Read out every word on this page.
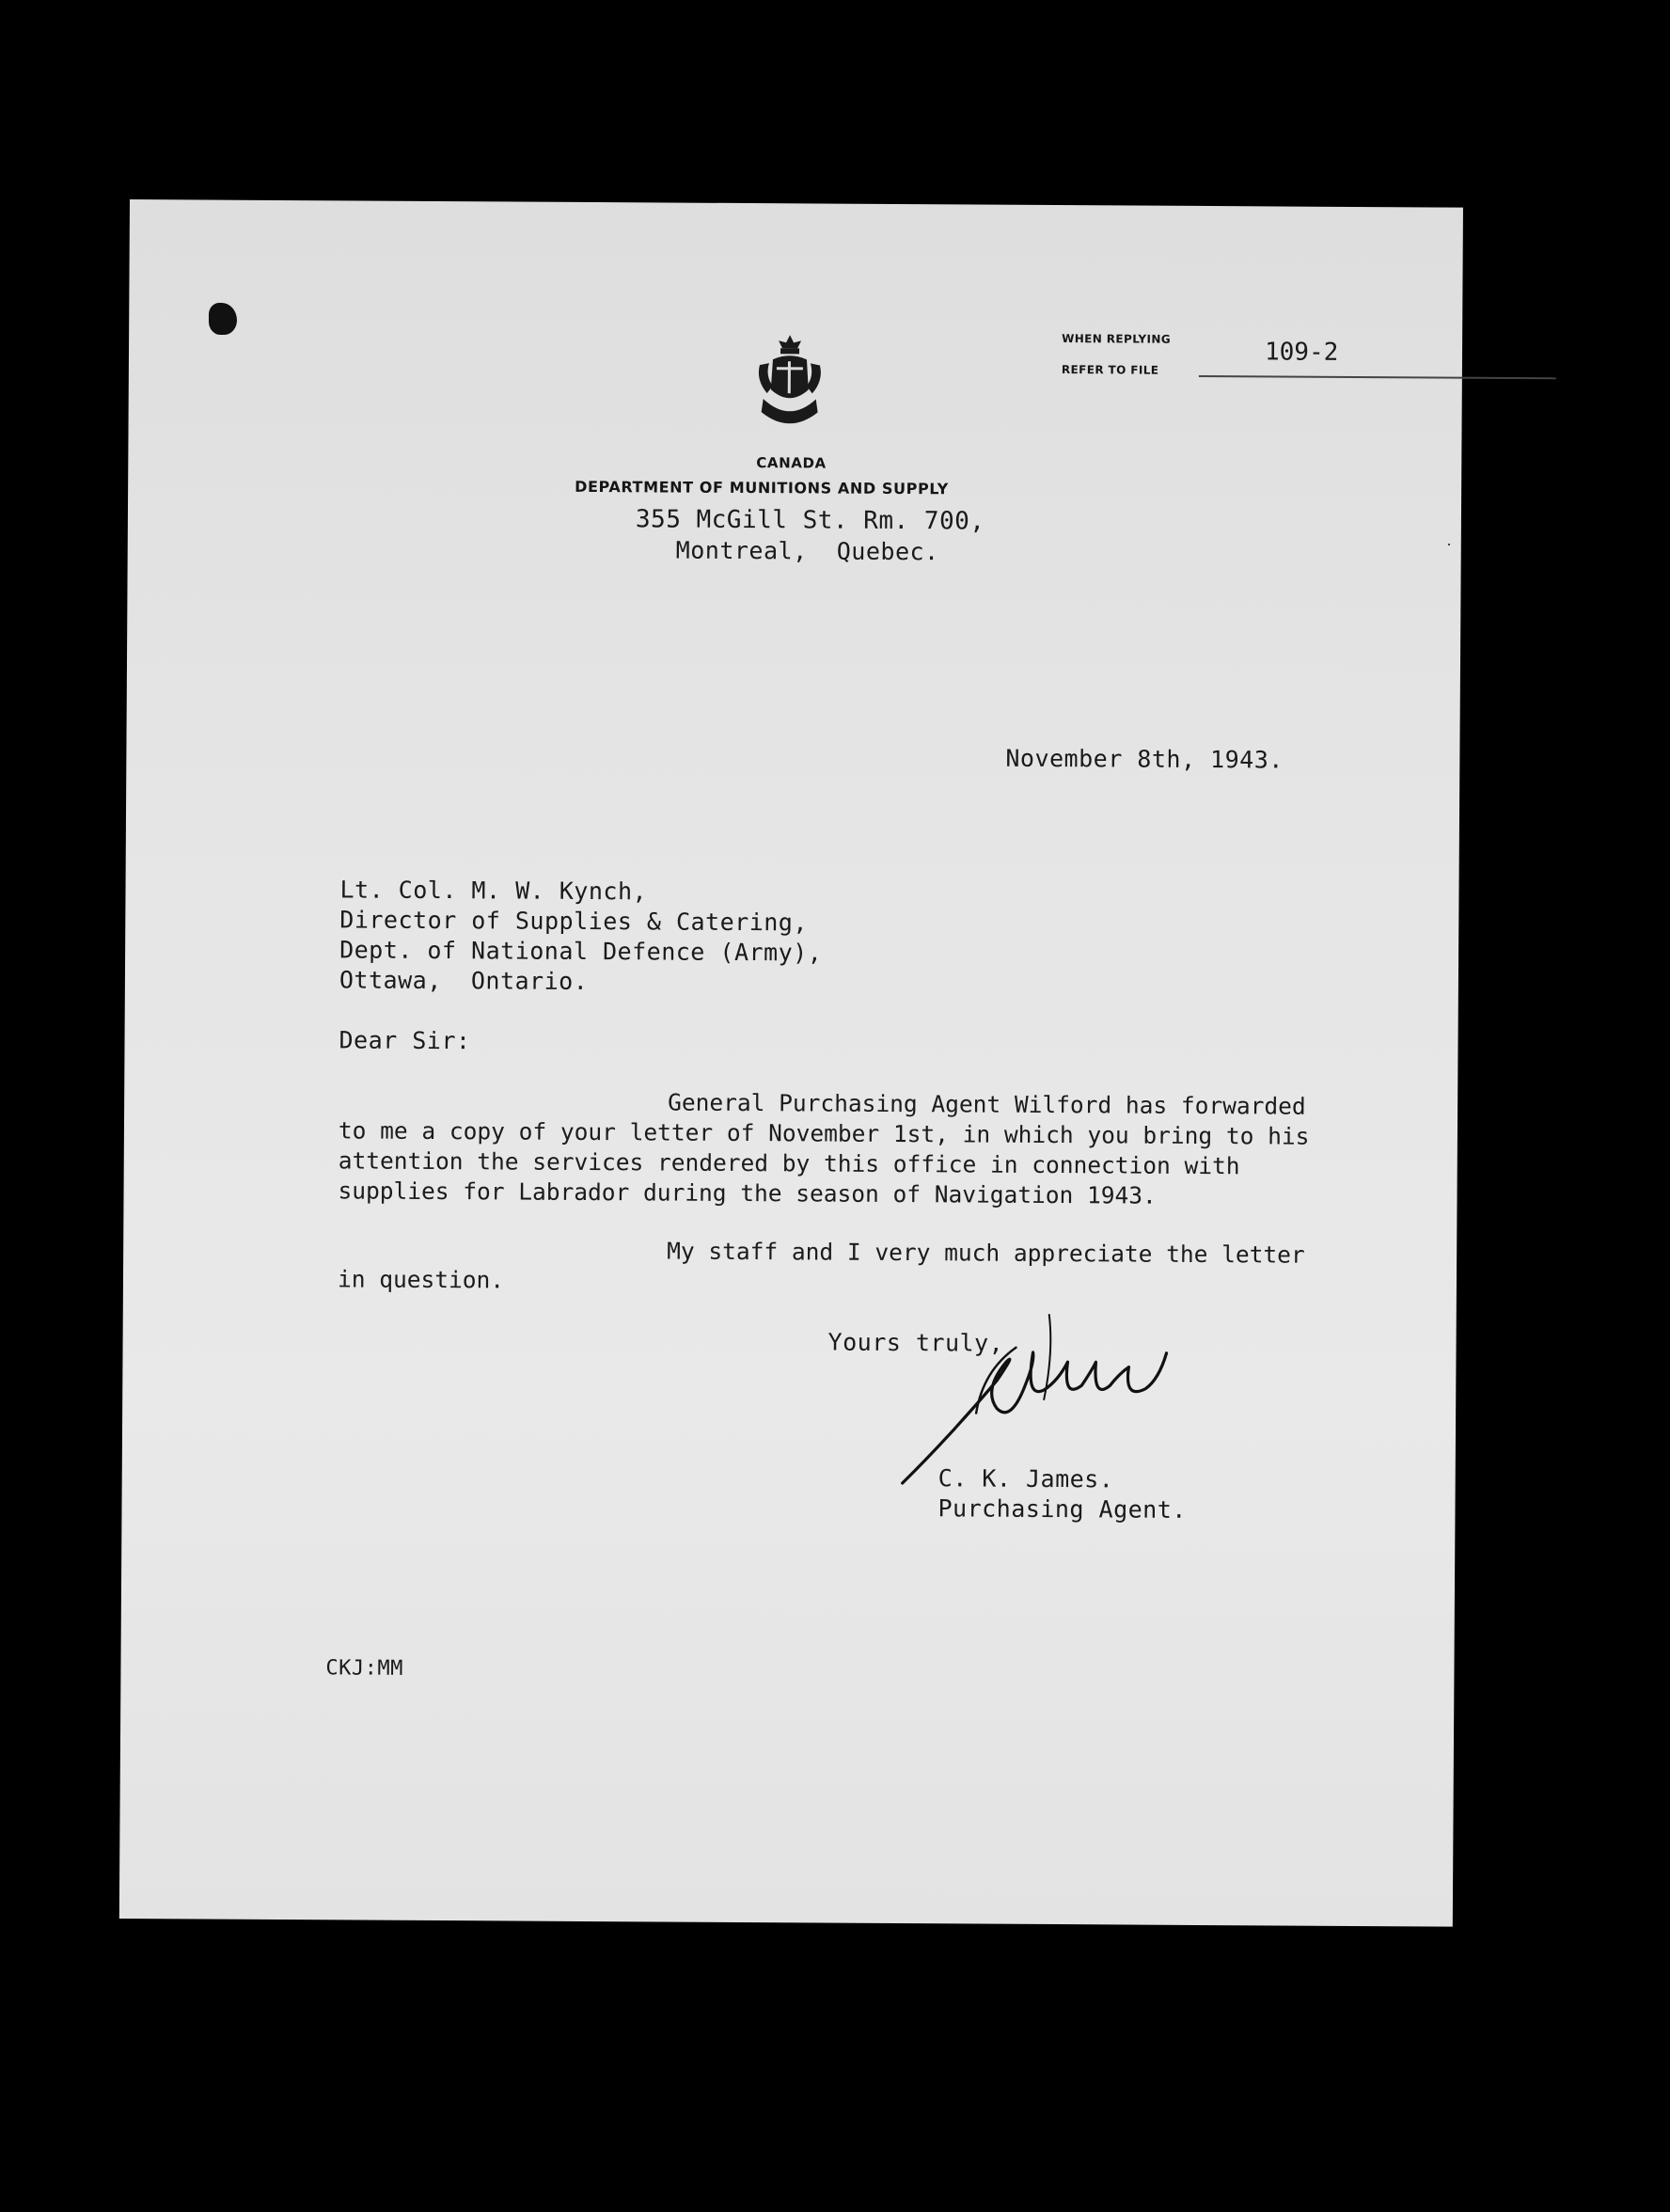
WHEN REPLYING
REFER TO FILE
109-2
CANADA
DEPARTMENT OF MUNITIONS AND SUPPLY
355 McGill St. Rm. 700,
Montreal,  Quebec.
November 8th, 1943.
Lt. Col. M. W. Kynch,
Director of Supplies & Catering,
Dept. of National Defence (Army),
Ottawa,  Ontario.
Dear Sir:
General Purchasing Agent Wilford has forwarded
to me a copy of your letter of November 1st, in which you bring to his
attention the services rendered by this office in connection with
supplies for Labrador during the season of Navigation 1943.
My staff and I very much appreciate the letter
in question.
Yours truly,
C. K. James.
Purchasing Agent.
CKJ:MM
